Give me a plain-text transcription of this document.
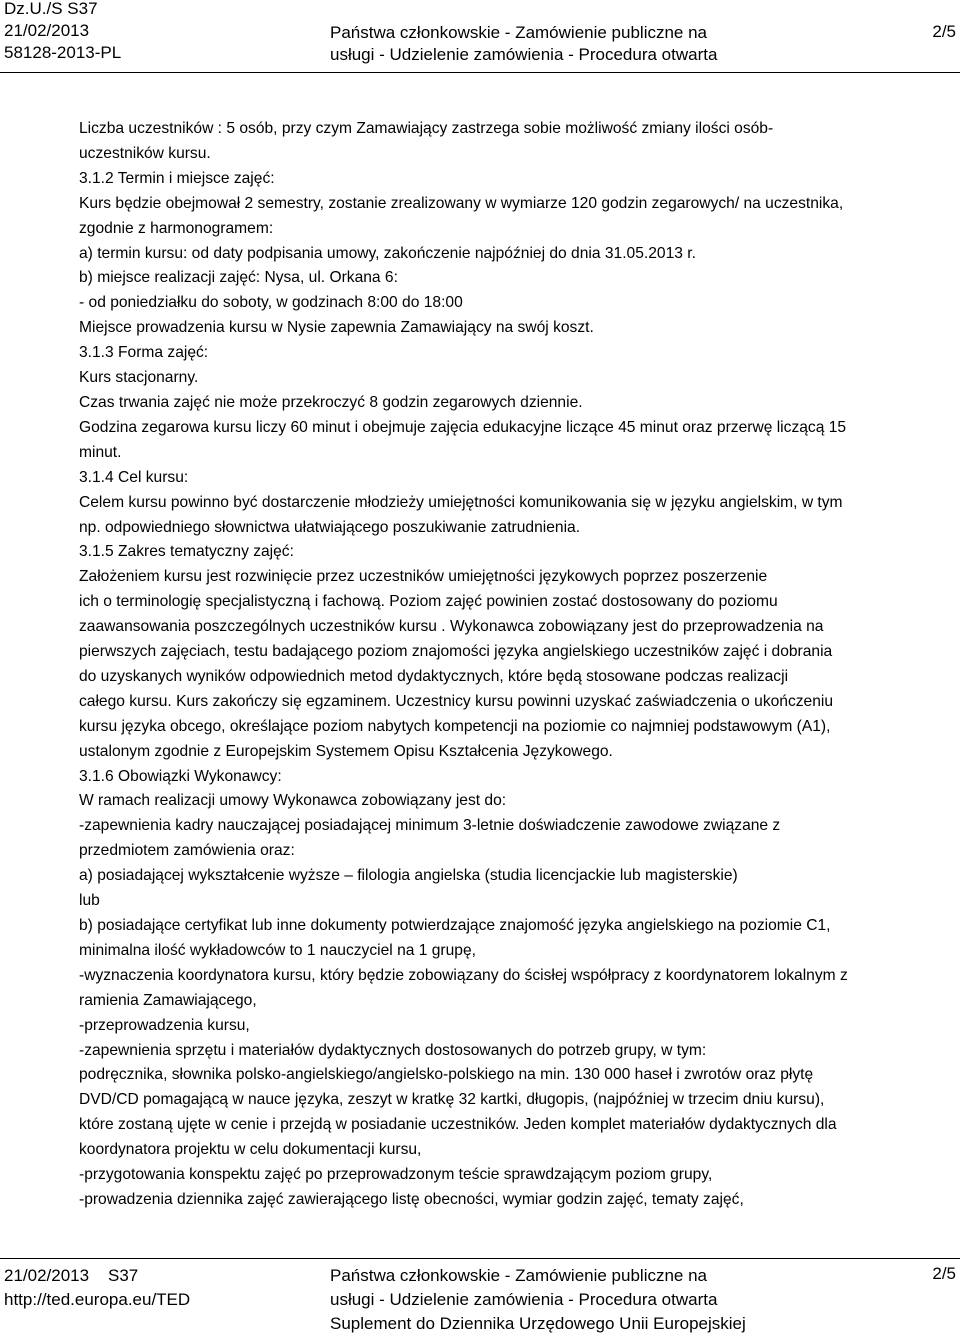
Dz.U./S S37
21/02/2013
58128-2013-PL
Państwa członkowskie - Zamówienie publiczne na
usługi - Udzielenie zamówienia - Procedura otwarta
2/5
Liczba uczestników : 5 osób, przy czym Zamawiający zastrzega sobie możliwość zmiany ilości osób-
uczestników kursu.
3.1.2 Termin i miejsce zajęć:
Kurs będzie obejmował 2 semestry, zostanie zrealizowany w wymiarze 120 godzin zegarowych/ na uczestnika,
zgodnie z harmonogramem:
a) termin kursu: od daty podpisania umowy, zakończenie najpóźniej do dnia 31.05.2013 r.
b) miejsce realizacji zajęć: Nysa, ul. Orkana 6:
- od poniedziałku do soboty, w godzinach 8:00 do 18:00
Miejsce prowadzenia kursu w Nysie zapewnia Zamawiający na swój koszt.
3.1.3 Forma zajęć:
Kurs stacjonarny.
Czas trwania zajęć nie może przekroczyć 8 godzin zegarowych dziennie.
Godzina zegarowa kursu liczy 60 minut i obejmuje zajęcia edukacyjne liczące 45 minut oraz przerwę liczącą 15
minut.
3.1.4 Cel kursu:
Celem kursu powinno być dostarczenie młodzieży umiejętności komunikowania się w języku angielskim, w tym
np. odpowiedniego słownictwa ułatwiającego poszukiwanie zatrudnienia.
3.1.5 Zakres tematyczny zajęć:
Założeniem kursu jest rozwinięcie przez uczestników umiejętności językowych poprzez poszerzenie
ich o terminologię specjalistyczną i fachową. Poziom zajęć powinien zostać dostosowany do poziomu
zaawansowania poszczególnych uczestników kursu . Wykonawca zobowiązany jest do przeprowadzenia na
pierwszych zajęciach, testu badającego poziom znajomości języka angielskiego uczestników zajęć i dobrania
do uzyskanych wyników odpowiednich metod dydaktycznych, które będą stosowane podczas realizacji
całego kursu. Kurs zakończy się egzaminem. Uczestnicy kursu powinni uzyskać zaświadczenia o ukończeniu
kursu języka obcego, określające poziom nabytych kompetencji na poziomie co najmniej podstawowym (A1),
ustalonym zgodnie z Europejskim Systemem Opisu Kształcenia Językowego.
3.1.6 Obowiązki Wykonawcy:
W ramach realizacji umowy Wykonawca zobowiązany jest do:
-zapewnienia kadry nauczającej posiadającej minimum 3-letnie doświadczenie zawodowe związane z
przedmiotem zamówienia oraz:
a) posiadającej wykształcenie wyższe – filologia angielska (studia licencjackie lub magisterskie)
lub
b) posiadające certyfikat lub inne dokumenty potwierdzające znajomość języka angielskiego na poziomie C1,
minimalna ilość wykładowców to 1 nauczyciel na 1 grupę,
-wyznaczenia koordynatora kursu, który będzie zobowiązany do ścisłej współpracy z koordynatorem lokalnym z
ramienia Zamawiającego,
-przeprowadzenia kursu,
-zapewnienia sprzętu i materiałów dydaktycznych dostosowanych do potrzeb grupy, w tym:
podręcznika, słownika polsko-angielskiego/angielsko-polskiego na min. 130 000 haseł i zwrotów oraz płytę
DVD/CD pomagającą w nauce języka, zeszyt w kratkę 32 kartki, długopis, (najpóźniej w trzecim dniu kursu),
które zostaną ujęte w cenie i przejdą w posiadanie uczestników. Jeden komplet materiałów dydaktycznych dla
koordynatora projektu w celu dokumentacji kursu,
-przygotowania konspektu zajęć po przeprowadzonym teście sprawdzającym poziom grupy,
-prowadzenia dziennika zajęć zawierającego listę obecności, wymiar godzin zajęć, tematy zajęć,
21/02/2013    S37
http://ted.europa.eu/TED
Państwa członkowskie - Zamówienie publiczne na
usługi - Udzielenie zamówienia - Procedura otwarta
Suplement do Dziennika Urzędowego Unii Europejskiej
2/5
